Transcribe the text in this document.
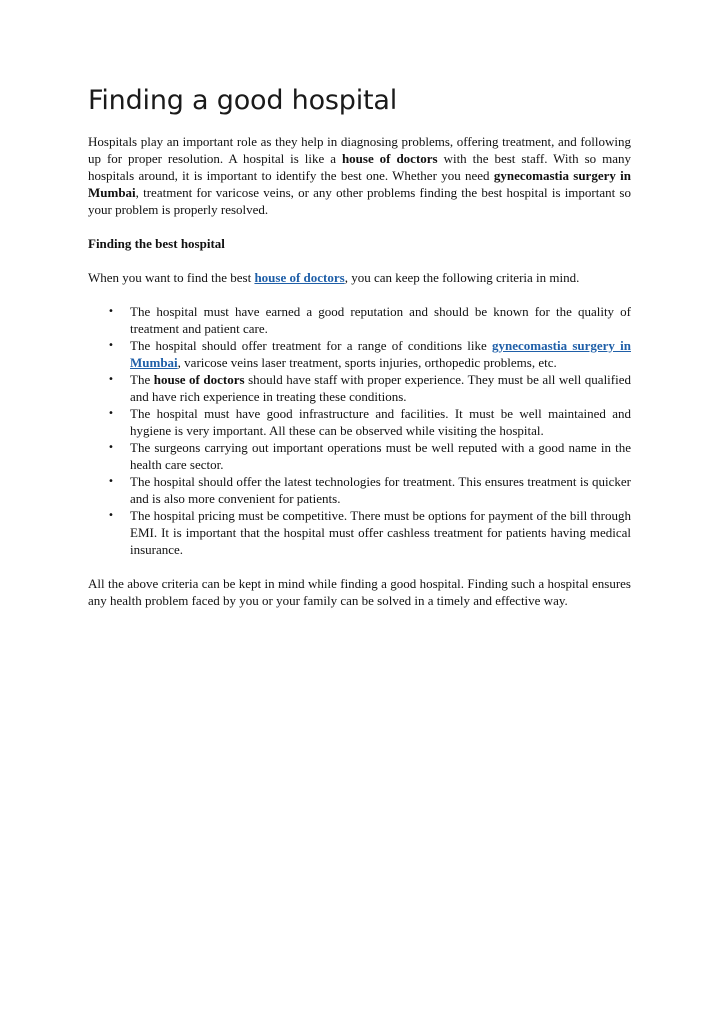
Finding a good hospital

Hospitals play an important role as they help in diagnosing problems, offering treatment, and following up for proper resolution. A hospital is like a house of doctors with the best staff. With so many hospitals around, it is important to identify the best one. Whether you need gynecomastia surgery in Mumbai, treatment for varicose veins, or any other problems finding the best hospital is important so your problem is properly resolved.

Finding the best hospital

When you want to find the best house of doctors, you can keep the following criteria in mind.

• The hospital must have earned a good reputation and should be known for the quality of treatment and patient care.
• The hospital should offer treatment for a range of conditions like gynecomastia surgery in Mumbai, varicose veins laser treatment, sports injuries, orthopedic problems, etc.
• The house of doctors should have staff with proper experience. They must be all well qualified and have rich experience in treating these conditions.
• The hospital must have good infrastructure and facilities. It must be well maintained and hygiene is very important. All these can be observed while visiting the hospital.
• The surgeons carrying out important operations must be well reputed with a good name in the health care sector.
• The hospital should offer the latest technologies for treatment. This ensures treatment is quicker and is also more convenient for patients.
• The hospital pricing must be competitive. There must be options for payment of the bill through EMI. It is important that the hospital must offer cashless treatment for patients having medical insurance.

All the above criteria can be kept in mind while finding a good hospital. Finding such a hospital ensures any health problem faced by you or your family can be solved in a timely and effective way.
